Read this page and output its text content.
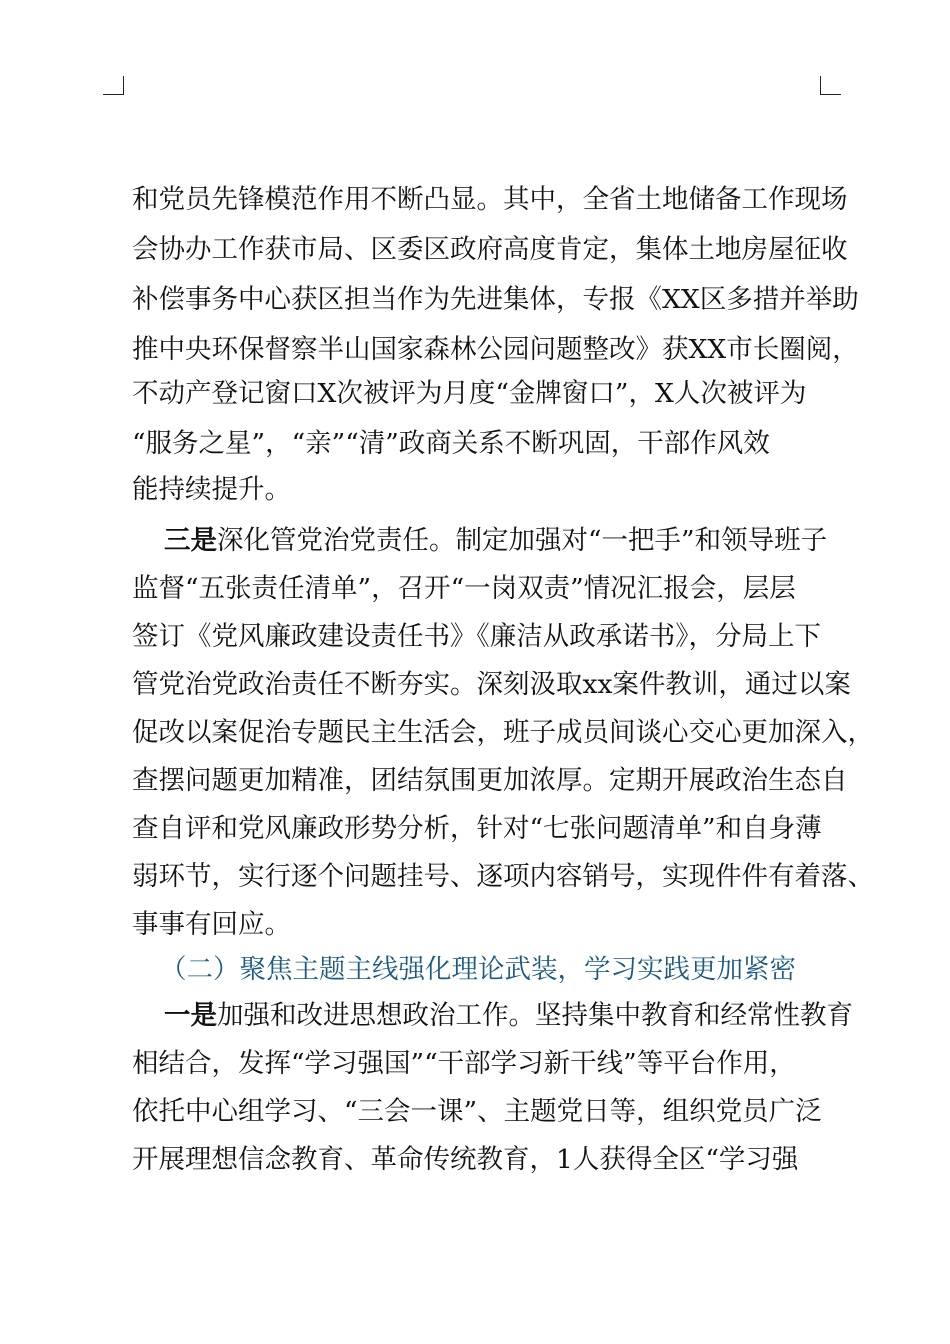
和党员先锋模范作用不断凸显。其中，全省土地储备工作现场
会协办工作获市局、区委区政府高度肯定，集体土地房屋征收
补偿事务中心获区担当作为先进集体，专报《XX区多措并举助
推中央环保督察半山国家森林公园问题整改》获XX市长圈阅，
不动产登记窗口X次被评为月度“金牌窗口”，X人次被评为
“服务之星”，“亲”“清”政商关系不断巩固，干部作风效
能持续提升。
三是深化管党治党责任。制定加强对“一把手”和领导班子
监督“五张责任清单”，召开“一岗双责”情况汇报会，层层
签订《党风廉政建设责任书》《廉洁从政承诺书》，分局上下
管党治党政治责任不断夯实。深刻汲取xx案件教训，通过以案
促改以案促治专题民主生活会，班子成员间谈心交心更加深入，
查摆问题更加精准，团结氛围更加浓厚。定期开展政治生态自
查自评和党风廉政形势分析，针对“七张问题清单”和自身薄
弱环节，实行逐个问题挂号、逐项内容销号，实现件件有着落、
事事有回应。
（二）聚焦主题主线强化理论武装，学习实践更加紧密
一是加强和改进思想政治工作。坚持集中教育和经常性教育
相结合，发挥“学习强国”“干部学习新干线”等平台作用，
依托中心组学习、“三会一课”、主题党日等，组织党员广泛
开展理想信念教育、革命传统教育，1人获得全区“学习强
